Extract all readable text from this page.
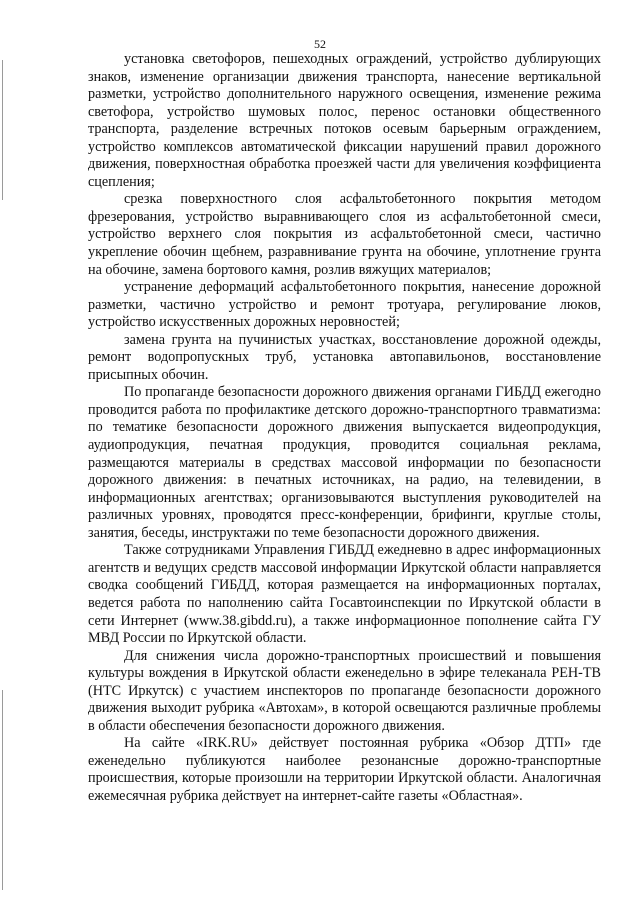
52

установка светофоров, пешеходных ограждений, устройство дублирующих знаков, изменение организации движения транспорта, нанесение вертикальной разметки, устройство дополнительного наружного освещения, изменение режима светофора, устройство шумовых полос, перенос остановки общественного транспорта, разделение встречных потоков осевым барьерным ограждением, устройство комплексов автоматической фиксации нарушений правил дорожного движения, поверхностная обработка проезжей части для увеличения коэффициента сцепления;

срезка поверхностного слоя асфальтобетонного покрытия методом фрезерования, устройство выравнивающего слоя из асфальтобетонной смеси, устройство верхнего слоя покрытия из асфальтобетонной смеси, частично укрепление обочин щебнем, разравнивание грунта на обочине, уплотнение грунта на обочине, замена бортового камня, розлив вяжущих материалов;

устранение деформаций асфальтобетонного покрытия, нанесение дорожной разметки, частично устройство и ремонт тротуара, регулирование люков, устройство искусственных дорожных неровностей;

замена грунта на пучинистых участках, восстановление дорожной одежды, ремонт водопропускных труб, установка автопавильонов, восстановление присыпных обочин.

По пропаганде безопасности дорожного движения органами ГИБДД ежегодно проводится работа по профилактике детского дорожно-транспортного травматизма: по тематике безопасности дорожного движения выпускается видеопродукция, аудиопродукция, печатная продукция, проводится социальная реклама, размещаются материалы в средствах массовой информации по безопасности дорожного движения: в печатных источниках, на радио, на телевидении, в информационных агентствах; организовываются выступления руководителей на различных уровнях, проводятся пресс-конференции, брифинги, круглые столы, занятия, беседы, инструктажи по теме безопасности дорожного движения.

Также сотрудниками Управления ГИБДД ежедневно в адрес информационных агентств и ведущих средств массовой информации Иркутской области направляется сводка сообщений ГИБДД, которая размещается на информационных порталах, ведется работа по наполнению сайта Госавтоинспекции по Иркутской области в сети Интернет (www.38.gibdd.ru), а также информационное пополнение сайта ГУ МВД России по Иркутской области.

Для снижения числа дорожно-транспортных происшествий и повышения культуры вождения в Иркутской области еженедельно в эфире телеканала РЕН-ТВ (НТС Иркутск) с участием инспекторов по пропаганде безопасности дорожного движения выходит рубрика «Автохам», в которой освещаются различные проблемы в области обеспечения безопасности дорожного движения.

На сайте «IRK.RU» действует постоянная рубрика «Обзор ДТП» где еженедельно публикуются наиболее резонансные дорожно-транспортные происшествия, которые произошли на территории Иркутской области. Аналогичная ежемесячная рубрика действует на интернет-сайте газеты «Областная».
